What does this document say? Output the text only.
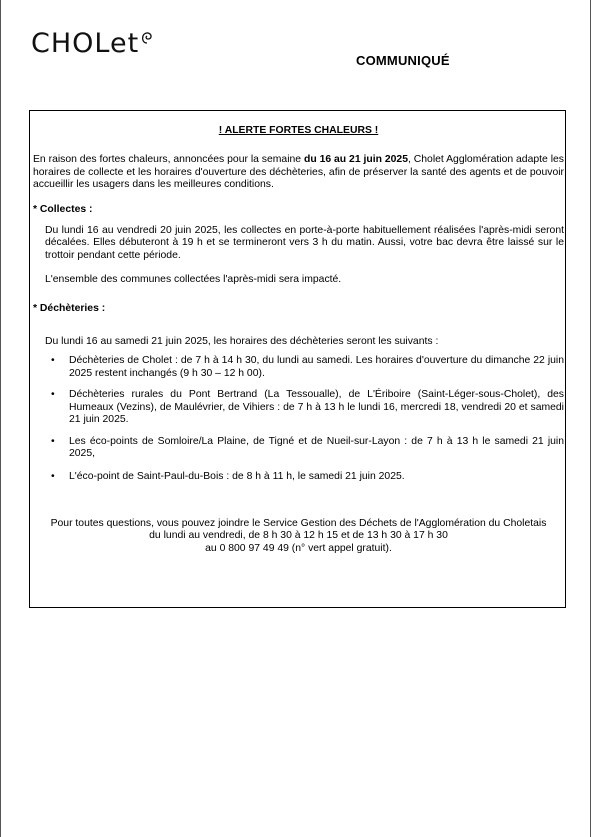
CHOLet
COMMUNIQUÉ

! ALERTE FORTES CHALEURS !

En raison des fortes chaleurs, annoncées pour la semaine du 16 au 21 juin 2025, Cholet Agglomération adapte les horaires de collecte et les horaires d'ouverture des déchèteries, afin de préserver la santé des agents et de pouvoir accueillir les usagers dans les meilleures conditions.

* Collectes :

Du lundi 16 au vendredi 20 juin 2025, les collectes en porte-à-porte habituellement réalisées l'après-midi seront décalées. Elles débuteront à 19 h et se termineront vers 3 h du matin. Aussi, votre bac devra être laissé sur le trottoir pendant cette période.

L'ensemble des communes collectées l'après-midi sera impacté.

* Déchèteries :

Du lundi 16 au samedi 21 juin 2025, les horaires des déchèteries seront les suivants :

• Déchèteries de Cholet : de 7 h à 14 h 30, du lundi au samedi. Les horaires d'ouverture du dimanche 22 juin 2025 restent inchangés (9 h 30 – 12 h 00).
• Déchèteries rurales du Pont Bertrand (La Tessoualle), de L'Ériboire (Saint-Léger-sous-Cholet), des Humeaux (Vezins), de Maulévrier, de Vihiers : de 7 h à 13 h le lundi 16, mercredi 18, vendredi 20 et samedi 21 juin 2025.
• Les éco-points de Somloire/La Plaine, de Tigné et de Nueil-sur-Layon : de 7 h à 13 h le samedi 21 juin 2025,
• L'éco-point de Saint-Paul-du-Bois : de 8 h à 11 h, le samedi 21 juin 2025.

Pour toutes questions, vous pouvez joindre le Service Gestion des Déchets de l'Agglomération du Choletais

du lundi au vendredi, de 8 h 30 à 12 h 15 et de 13 h 30 à 17 h 30

au 0 800 97 49 49 (n° vert appel gratuit).
